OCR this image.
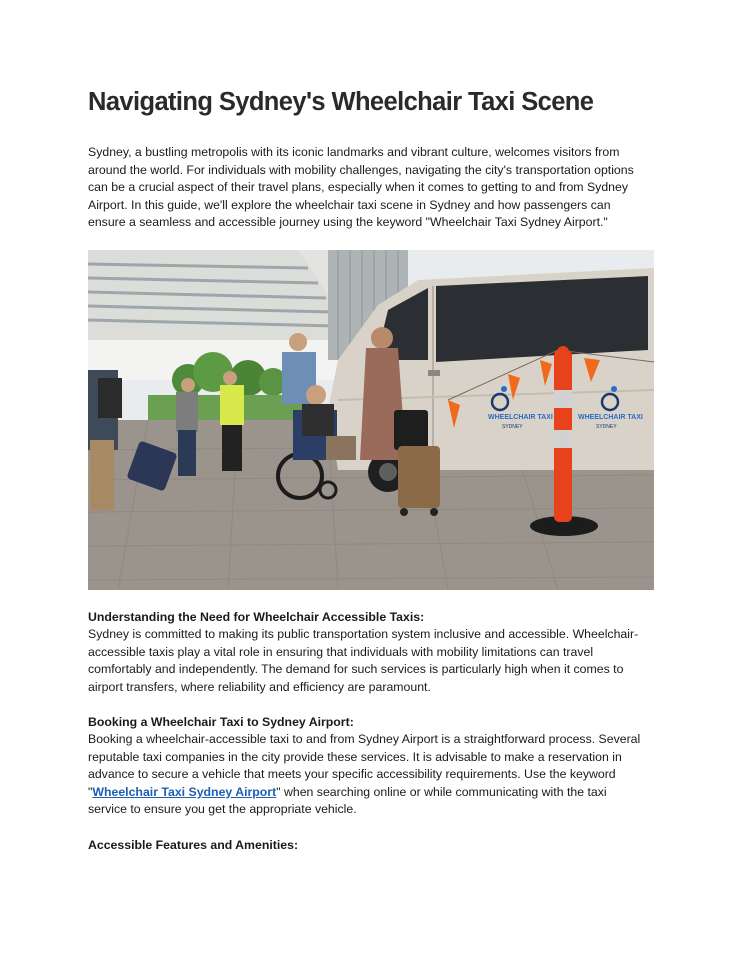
Navigating Sydney's Wheelchair Taxi Scene

Sydney, a bustling metropolis with its iconic landmarks and vibrant culture, welcomes visitors from around the world. For individuals with mobility challenges, navigating the city's transportation options can be a crucial aspect of their travel plans, especially when it comes to getting to and from Sydney Airport. In this guide, we'll explore the wheelchair taxi scene in Sydney and how passengers can ensure a seamless and accessible journey using the keyword "Wheelchair Taxi Sydney Airport."

WHEELCHAIR TAXI
SYDNEY
WHEELCHAIR TAXI
SYDNEY

Understanding the Need for Wheelchair Accessible Taxis:

Sydney is committed to making its public transportation system inclusive and accessible. Wheelchair-accessible taxis play a vital role in ensuring that individuals with mobility limitations can travel comfortably and independently. The demand for such services is particularly high when it comes to airport transfers, where reliability and efficiency are paramount.

Booking a Wheelchair Taxi to Sydney Airport:

Booking a wheelchair-accessible taxi to and from Sydney Airport is a straightforward process. Several reputable taxi companies in the city provide these services. It is advisable to make a reservation in advance to secure a vehicle that meets your specific accessibility requirements. Use the keyword "Wheelchair Taxi Sydney Airport" when searching online or while communicating with the taxi service to ensure you get the appropriate vehicle.

Accessible Features and Amenities:
